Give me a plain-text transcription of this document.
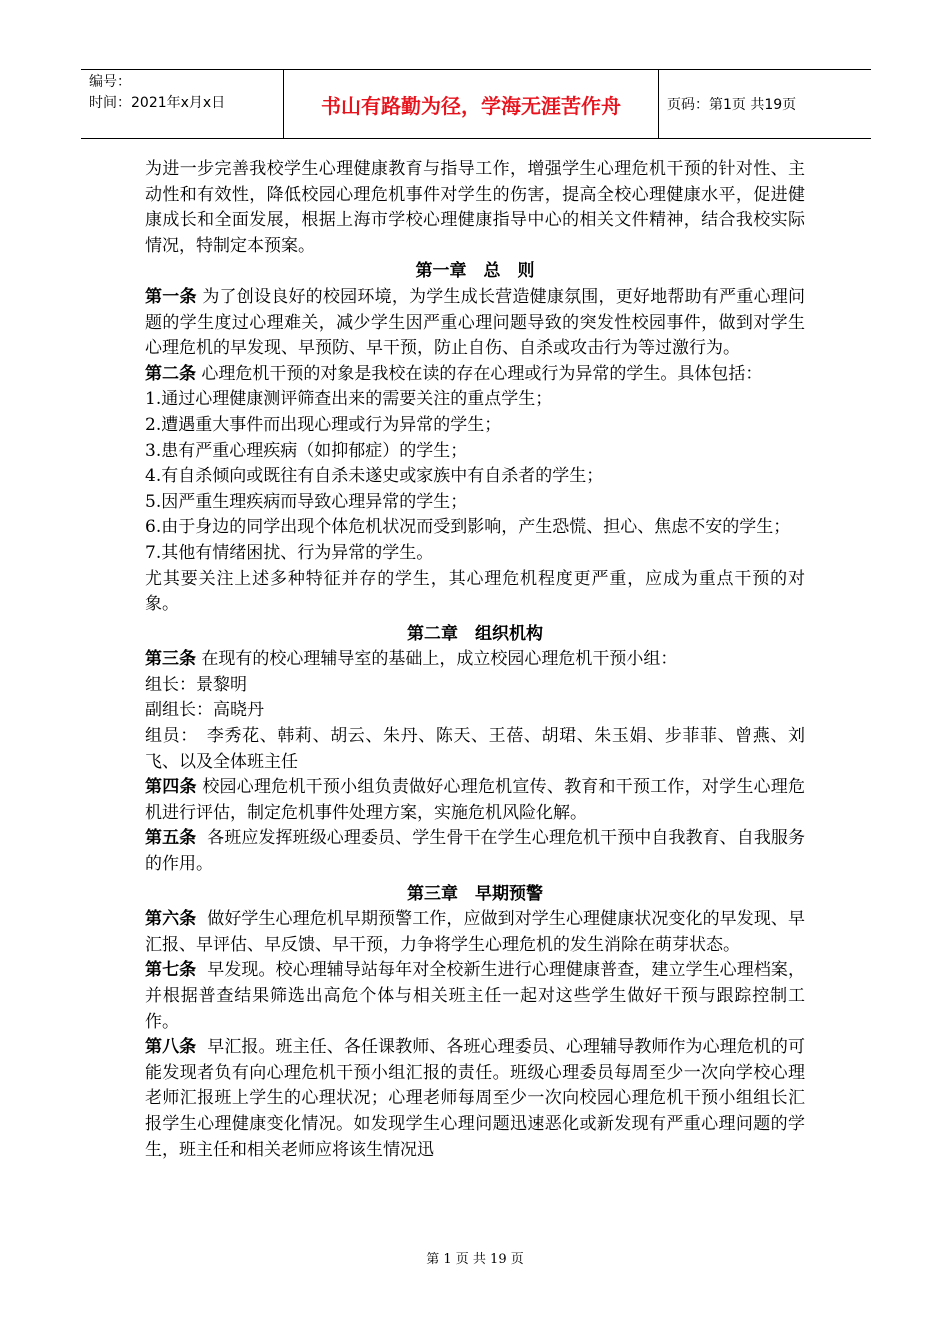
编号：
时间：2021年x月x日	书山有路勤为径，学海无涯苦作舟	页码：第1页 共19页

为进一步完善我校学生心理健康教育与指导工作，增强学生心理危机干预的针对性、主动性和有效性，降低校园心理危机事件对学生的伤害，提高全校心理健康水平，促进健康成长和全面发展，根据上海市学校心理健康指导中心的相关文件精神，结合我校实际情况，特制定本预案。

第一章　总　则

第一条 为了创设良好的校园环境，为学生成长营造健康氛围，更好地帮助有严重心理问题的学生度过心理难关，减少学生因严重心理问题导致的突发性校园事件，做到对学生心理危机的早发现、早预防、早干预，防止自伤、自杀或攻击行为等过激行为。

第二条 心理危机干预的对象是我校在读的存在心理或行为异常的学生。具体包括：

1.通过心理健康测评筛查出来的需要关注的重点学生；

2.遭遇重大事件而出现心理或行为异常的学生；

3.患有严重心理疾病（如抑郁症）的学生；

4.有自杀倾向或既往有自杀未遂史或家族中有自杀者的学生；

5.因严重生理疾病而导致心理异常的学生；

6.由于身边的同学出现个体危机状况而受到影响，产生恐慌、担心、焦虑不安的学生；

7.其他有情绪困扰、行为异常的学生。

尤其要关注上述多种特征并存的学生，其心理危机程度更严重，应成为重点干预的对象。

第二章　组织机构

第三条 在现有的校心理辅导室的基础上，成立校园心理危机干预小组：

组长：景黎明

副组长：高晓丹

组员：　李秀花、韩莉、胡云、朱丹、陈天、王蓓、胡珺、朱玉娟、步菲菲、曾燕、刘飞、以及全体班主任

第四条 校园心理危机干预小组负责做好心理危机宣传、教育和干预工作，对学生心理危机进行评估，制定危机事件处理方案，实施危机风险化解。

第五条 各班应发挥班级心理委员、学生骨干在学生心理危机干预中自我教育、自我服务的作用。

第三章　早期预警

第六条 做好学生心理危机早期预警工作，应做到对学生心理健康状况变化的早发现、早汇报、早评估、早反馈、早干预，力争将学生心理危机的发生消除在萌芽状态。

第七条 早发现。校心理辅导站每年对全校新生进行心理健康普查，建立学生心理档案，并根据普查结果筛选出高危个体与相关班主任一起对这些学生做好干预与跟踪控制工作。

第八条 早汇报。班主任、各任课教师、各班心理委员、心理辅导教师作为心理危机的可能发现者负有向心理危机干预小组汇报的责任。班级心理委员每周至少一次向学校心理老师汇报班上学生的心理状况；心理老师每周至少一次向校园心理危机干预小组组长汇报学生心理健康变化情况。如发现学生心理问题迅速恶化或新发现有严重心理问题的学生，班主任和相关老师应将该生情况迅

第 1 页 共 19 页
